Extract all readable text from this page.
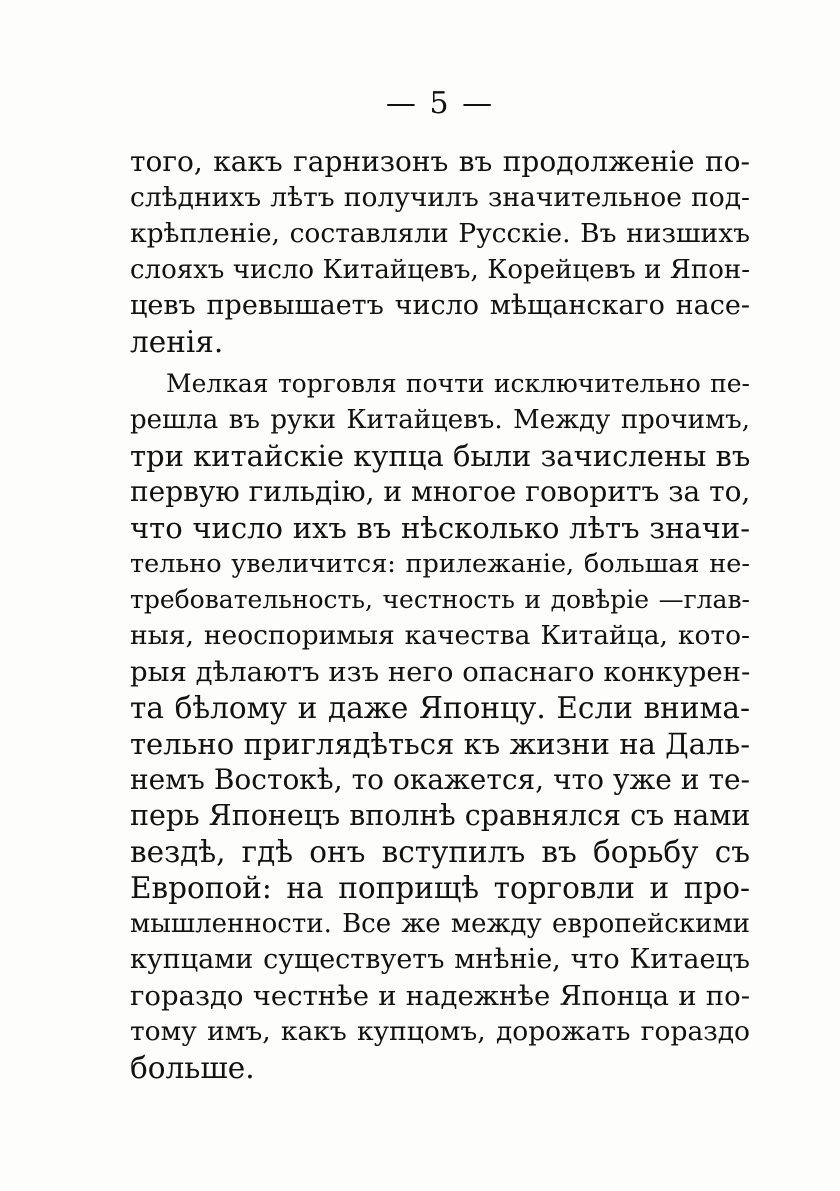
— 5 —
того, какъ гарнизонъ въ продолженіе по-
слѣднихъ лѣтъ получилъ значительное под-
крѣпленіе, составляли Русскіе. Въ низшихъ
слояхъ число Китайцевъ, Корейцевъ и Япон-
цевъ превышаетъ число мѣщанскаго насе-
ленія.
Мелкая торговля почти исключительно пе-
решла въ руки Китайцевъ. Между прочимъ,
три китайскіе купца были зачислены въ
первую гильдію, и многое говоритъ за то,
что число ихъ въ нѣсколько лѣтъ значи-
тельно увеличится: прилежаніе, большая не-
требовательность, честность и довѣріе —глав-
ныя, неоспоримыя качества Китайца, кото-
рыя дѣлаютъ изъ него опаснаго конкурен-
та бѣлому и даже Японцу. Если внима-
тельно приглядѣться къ жизни на Даль-
немъ Востокѣ, то окажется, что уже и те-
перь Японецъ вполнѣ сравнялся съ нами
вездѣ, гдѣ онъ вступилъ въ борьбу съ
Европой: на поприщѣ торговли и про-
мышленности. Все же между европейскими
купцами существуетъ мнѣніе, что Китаецъ
гораздо честнѣе и надежнѣе Японца и по-
тому имъ, какъ купцомъ, дорожать гораздо
больше.
